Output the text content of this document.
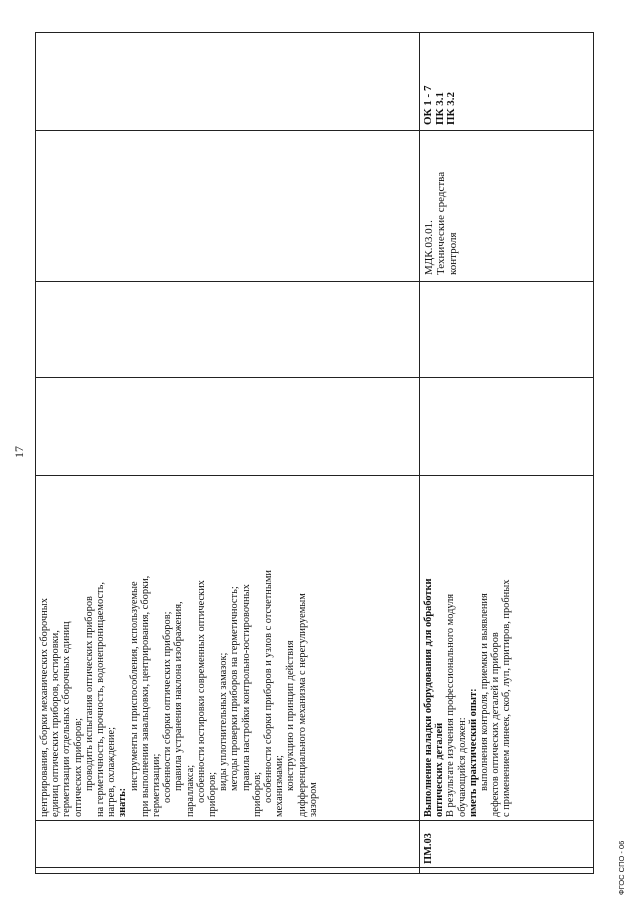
17

центрирования, сборки механических сборочных единиц оптических приборов, юстировки, герметизации отдельных сборочных единиц оптических приборов; проводить испытания оптических приборов на герметичность, прочность, водонепроницаемость, нагрев, охлаждение; знать:

инструменты и приспособления, используемые при выполнении завальцовки, центрирования, сборки, герметизации; особенности сборки оптических приборов; правила устранения наклона изображения, параллакса; особенности юстировки современных оптических приборов;

виды уплотнительных замазок; методы проверки приборов на герметичность; правила настройки контрольно-юстировочных

приборов; особенности сборки приборов и узлов с отсчетными механизмами; конструкцию и принцип действия дифференциального механизма с нерегулируемым зазором

ПМ.03

Выполнение наладки оборудования для обработки оптических деталей В результате изучения профессионального модуля обучающийся должен: иметь практический опыт: выполнения контроля, приемки и выявления дефектов оптических деталей и приборов с применением линеек, скоб, луп, притиров, пробных

МДК.03.01. Технические средства контроля

ОК 1 - 7 ПК 3.1 ПК 3.2

ФГОС СПО - 06
